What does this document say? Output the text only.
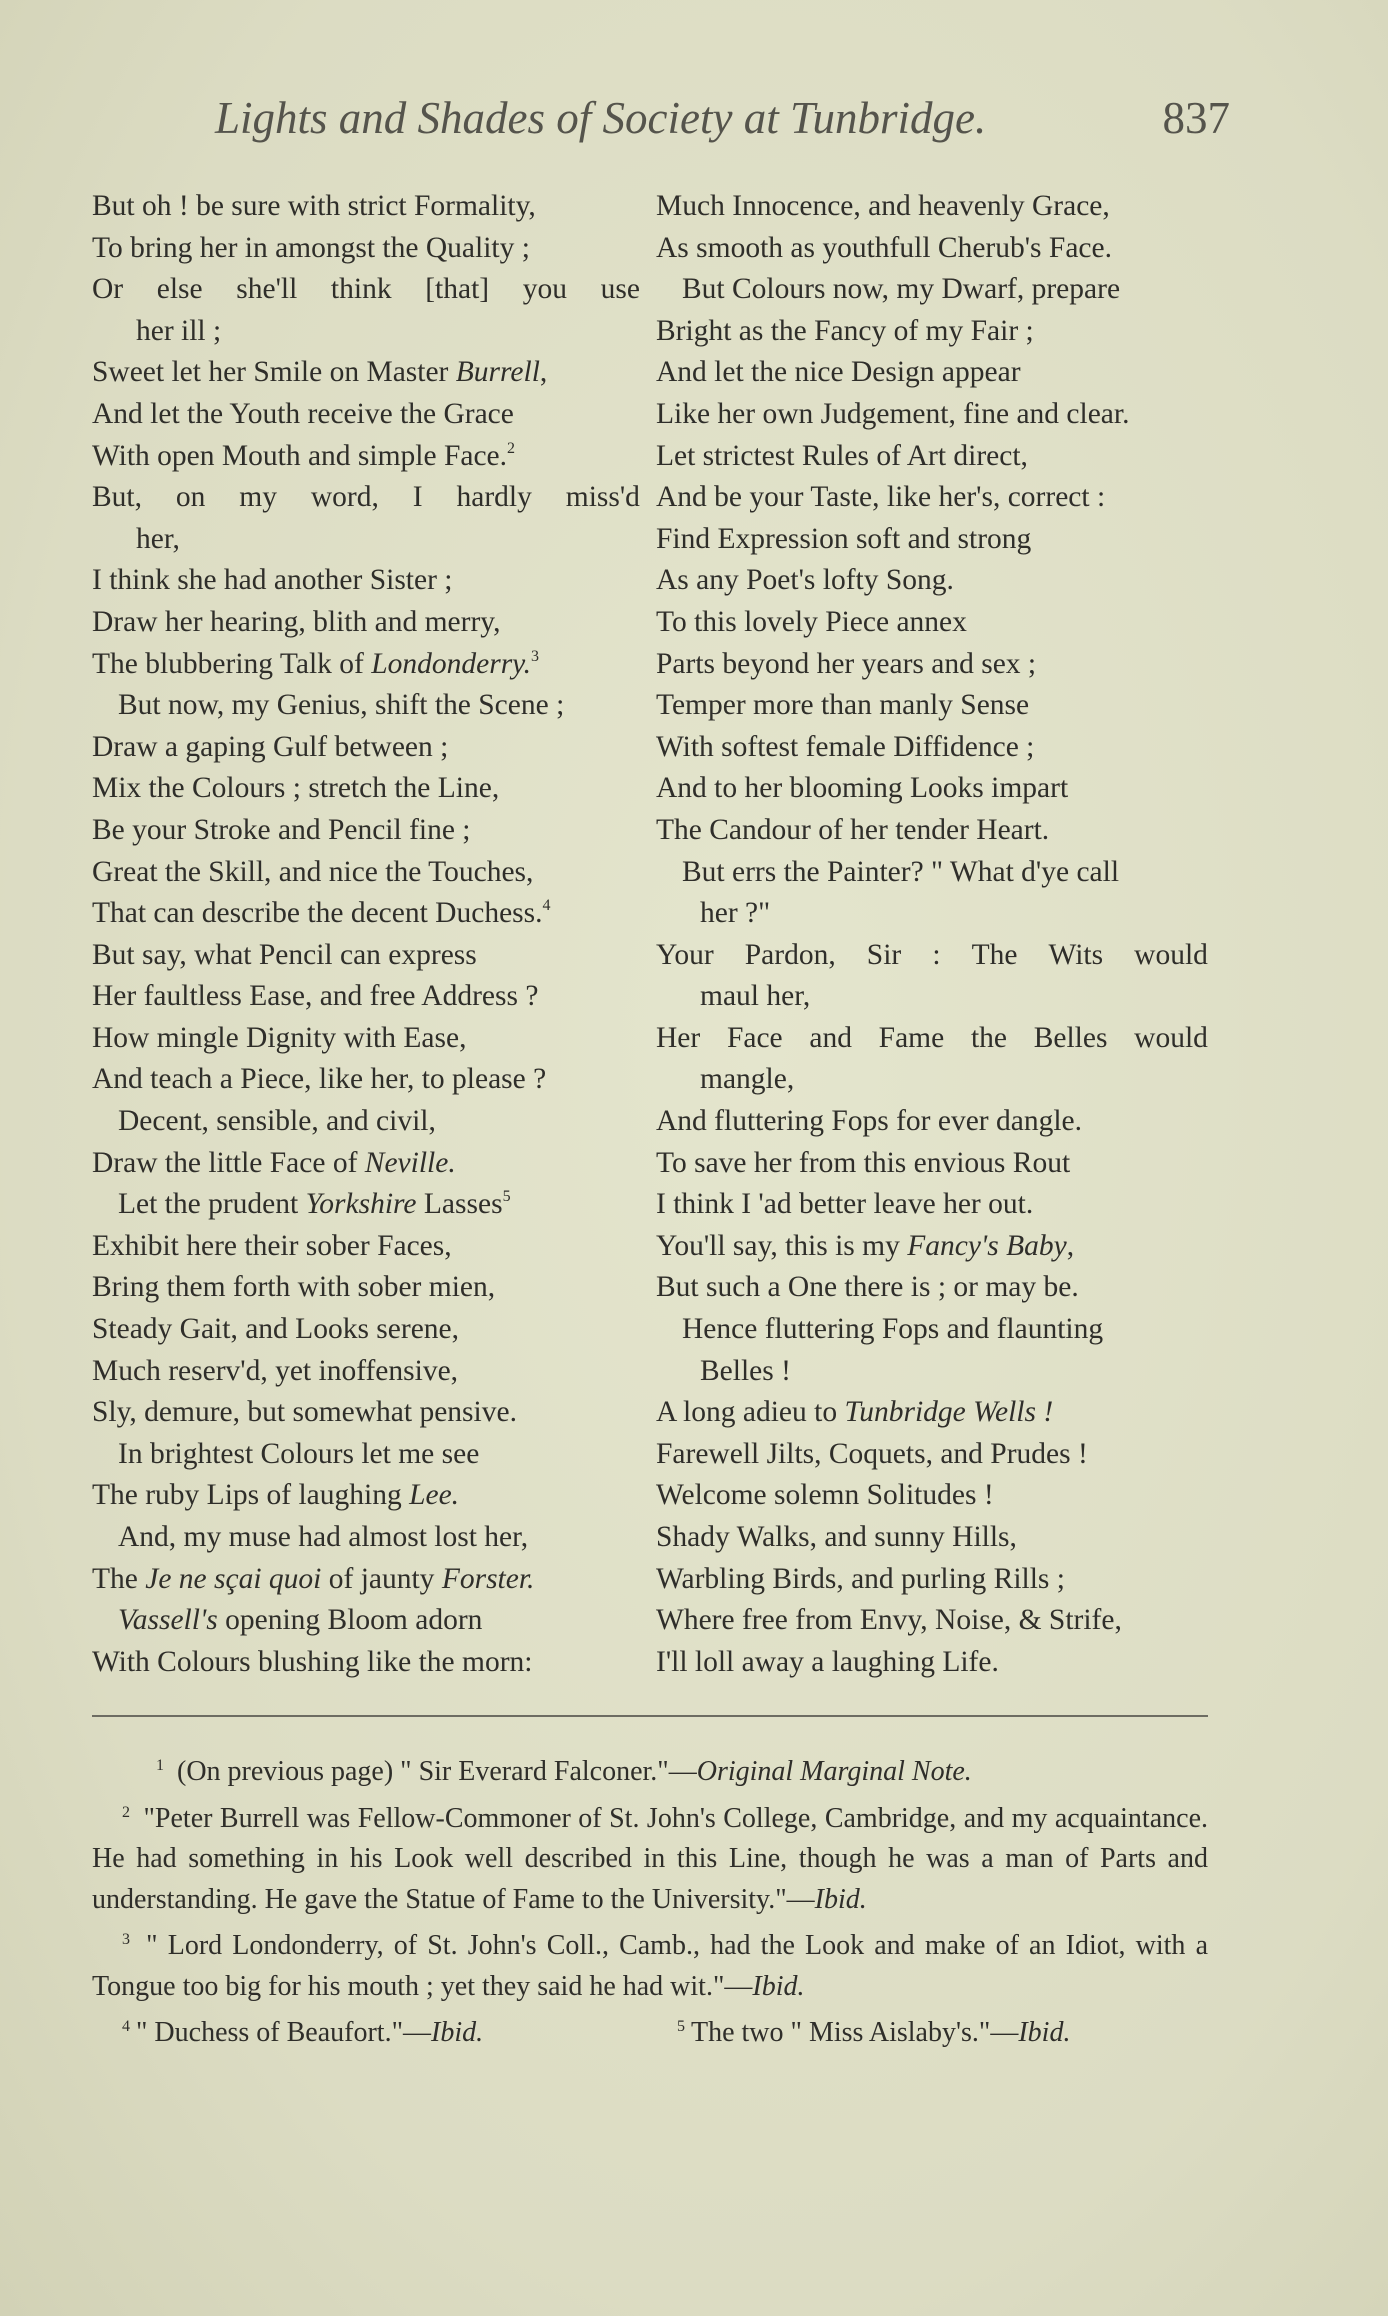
Lights and Shades of Society at Tunbridge.	837
But oh ! be sure with strict Formality,
To bring her in amongst the Quality ;
Or else she'll think [that] you use
her ill ;
Sweet let her Smile on Master Burrell,
And let the Youth receive the Grace
With open Mouth and simple Face.$^2$
But, on my word, I hardly miss'd
her,
I think she had another Sister ;
Draw her hearing, blith and merry,
The blubbering Talk of Londonderry.$^3$
But now, my Genius, shift the Scene ;
Draw a gaping Gulf between ;
Mix the Colours ; stretch the Line,
Be your Stroke and Pencil fine ;
Great the Skill, and nice the Touches,
That can describe the decent Duchess.$^4$
But say, what Pencil can express
Her faultless Ease, and free Address ?
How mingle Dignity with Ease,
And teach a Piece, like her, to please ?
Decent, sensible, and civil,
Draw the little Face of Neville.
Let the prudent Yorkshire Lasses$^5$
Exhibit here their sober Faces,
Bring them forth with sober mien,
Steady Gait, and Looks serene,
Much reserv'd, yet inoffensive,
Sly, demure, but somewhat pensive.
In brightest Colours let me see
The ruby Lips of laughing Lee.
And, my muse had almost lost her,
The Je ne sçai quoi of jaunty Forster.
Vassell's opening Bloom adorn
With Colours blushing like the morn:
Much Innocence, and heavenly Grace,
As smooth as youthfull Cherub's Face.
But Colours now, my Dwarf, prepare
Bright as the Fancy of my Fair ;
And let the nice Design appear
Like her own Judgement, fine and clear.
Let strictest Rules of Art direct,
And be your Taste, like her's, correct :
Find Expression soft and strong
As any Poet's lofty Song.
To this lovely Piece annex
Parts beyond her years and sex ;
Temper more than manly Sense
With softest female Diffidence ;
And to her blooming Looks impart
The Candour of her tender Heart.
But errs the Painter? " What d'ye call
her ?"
Your Pardon, Sir : The Wits would
maul her,
Her Face and Fame the Belles would
mangle,
And fluttering Fops for ever dangle.
To save her from this envious Rout
I think I 'ad better leave her out.
You'll say, this is my Fancy's Baby,
But such a One there is ; or may be.
Hence fluttering Fops and flaunting
Belles !
A long adieu to Tunbridge Wells !
Farewell Jilts, Coquets, and Prudes !
Welcome solemn Solitudes !
Shady Walks, and sunny Hills,
Warbling Birds, and purling Rills ;
Where free from Envy, Noise, & Strife,
I'll loll away a laughing Life.
$^1$ (On previous page) " Sir Everard Falconer."—Original Marginal Note.
$^2$ "Peter Burrell was Fellow-Commoner of St. John's College, Cambridge, and my acquaintance. He had something in his Look well described in this Line, though he was a man of Parts and understanding. He gave the Statue of Fame to the University."—Ibid.
$^3$ " Lord Londonderry, of St. John's Coll., Camb., had the Look and make of an Idiot, with a Tongue too big for his mouth ; yet they said he had wit."—Ibid.
$^4$ " Duchess of Beaufort."—Ibid.	$^5$ The two " Miss Aislaby's."—Ibid.
